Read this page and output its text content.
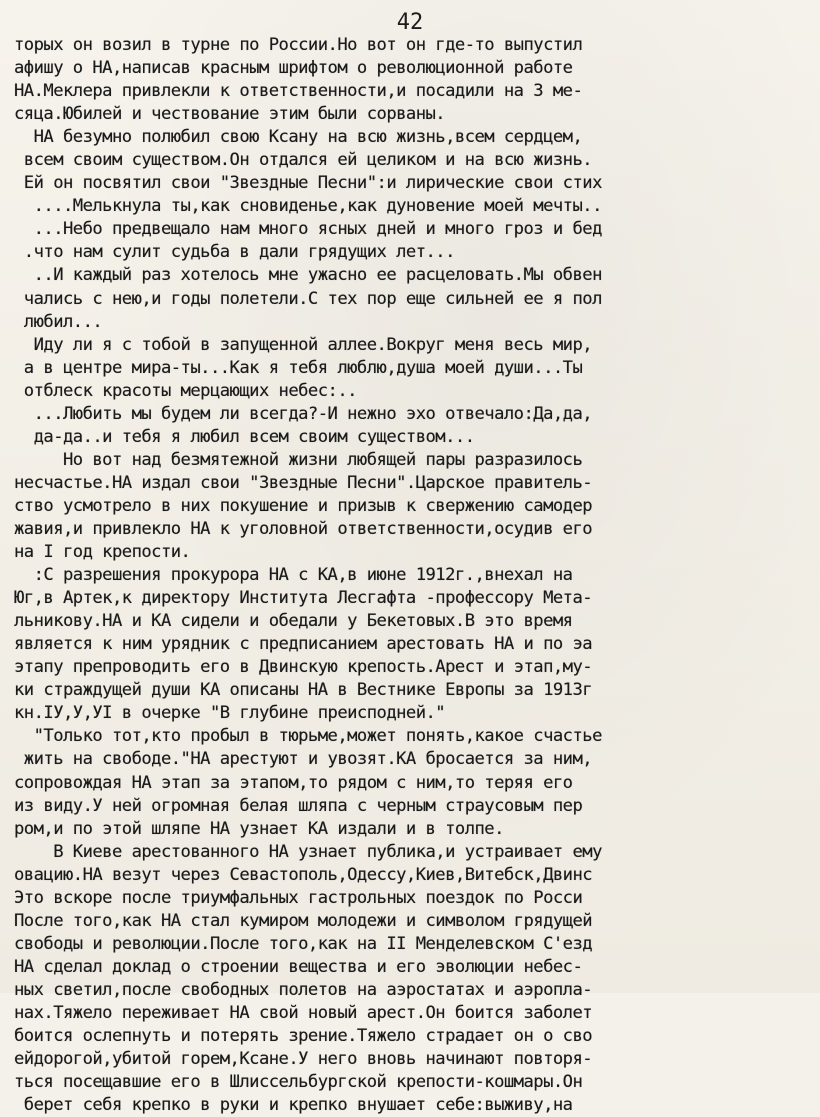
42
торых он возил в турне по России.Но вот он где-то выпустил
афишу о НА,написав красным шрифтом о революционной работе
НА.Меклера привлекли к ответственности,и посадили на 3 ме-
сяца.Юбилей и чествование этим были сорваны.
НА безумно полюбил свою Ксану на всю жизнь,всем сердцем,
всем своим существом.Он отдался ей целиком и на всю жизнь.
Ей он посвятил свои "Звездные Песни":и лирические свои стих
....Мелькнула ты,как сновиденье,как дуновение моей мечты..
...Небо предвещало нам много ясных дней и много гроз и бед
.что нам сулит судьба в дали грядущих лет...
..И каждый раз хотелось мне ужасно ее расцеловать.Мы обвен
чались с нею,и годы полетели.С тех пор еще сильней ее я пол
любил...
Иду ли я с тобой в запущенной аллее.Вокруг меня весь мир,
а в центре мира-ты...Как я тебя люблю,душа моей души...Ты
отблеск красоты мерцающих небес:..
...Любить мы будем ли всегда?-И нежно эхо отвечало:Да,да,
да-да..и тебя я любил всем своим существом...
Но вот над безмятежной жизни любящей пары разразилось
несчастье.НА издал свои "Звездные Песни".Царское правитель-
ство усмотрело в них покушение и призыв к свержению самодер
жавия,и привлекло НА к уголовной ответственности,осудив его
на I год крепости.
:С разрешения прокурора НА с КА,в июне 1912г.,внехал на
Юг,в Артек,к директору Института Лесгафта -профессору Мета-
льникову.НА и КА сидели и обедали у Бекетовых.В это время
является к ним урядник с предписанием арестовать НА и по эа
этапу препроводить его в Двинскую крепость.Арест и этап,му-
ки страждущей души КА описаны НА в Вестнике Европы за 1913г
кн.IУ,У,УI в очерке "В глубине преисподней."
"Только тот,кто пробыл в тюрьме,может понять,какое счастье
жить на свободе."НА арестуют и увозят.КА бросается за ним,
сопровождая НА этап за этапом,то рядом с ним,то теряя его
из виду.У ней огромная белая шляпа с черным страусовым пер
ром,и по этой шляпе НА узнает КА издали и в толпе.
В Киеве арестованного НА узнает публика,и устраивает ему
овацию.НА везут через Севастополь,Одессу,Киев,Витебск,Двинс
Это вскоре после триумфальных гастрольных поездок по Росси
После того,как НА стал кумиром молодежи и символом грядущей
свободы и революции.После того,как на II Менделевском С'езд
НА сделал доклад о строении вещества и его эволюции небес-
ных светил,после свободных полетов на аэростатах и аэропла-
нах.Тяжело переживает НА свой новый арест.Он боится заболет
боится ослепнуть и потерять зрение.Тяжело страдает он о сво
ейдорогой,убитой горем,Ксане.У него вновь начинают повторя-
ться посещавшие его в Шлиссельбургской крепости-кошмары.Он
берет себя крепко в руки и крепко внушает себе:выживу,на
